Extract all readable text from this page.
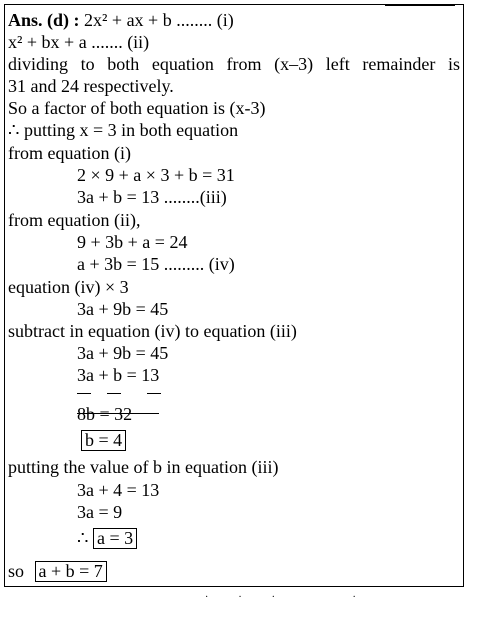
Ans. (d) : 2x² + ax + b ........ (i)
x² + bx + a ....... (ii)
dividing to both equation from (x–3) left remainder is
31 and 24 respectively.
So a factor of both equation is (x-3)
∴ putting x = 3 in both equation
from equation (i)
2 × 9 + a × 3 + b = 31
3a + b = 13 ........(iii)
from equation (ii),
9 + 3b + a = 24
a + 3b = 15 ......... (iv)
equation (iv) × 3
3a + 9b = 45
subtract in equation (iv) to equation (iii)
3a + 9b = 45
3a + b = 13
8b = 32
b = 4
putting the value of b in equation (iii)
3a + 4 = 13
3a = 9
∴ a = 3
so a + b = 7
·            ·            ·                               ·
